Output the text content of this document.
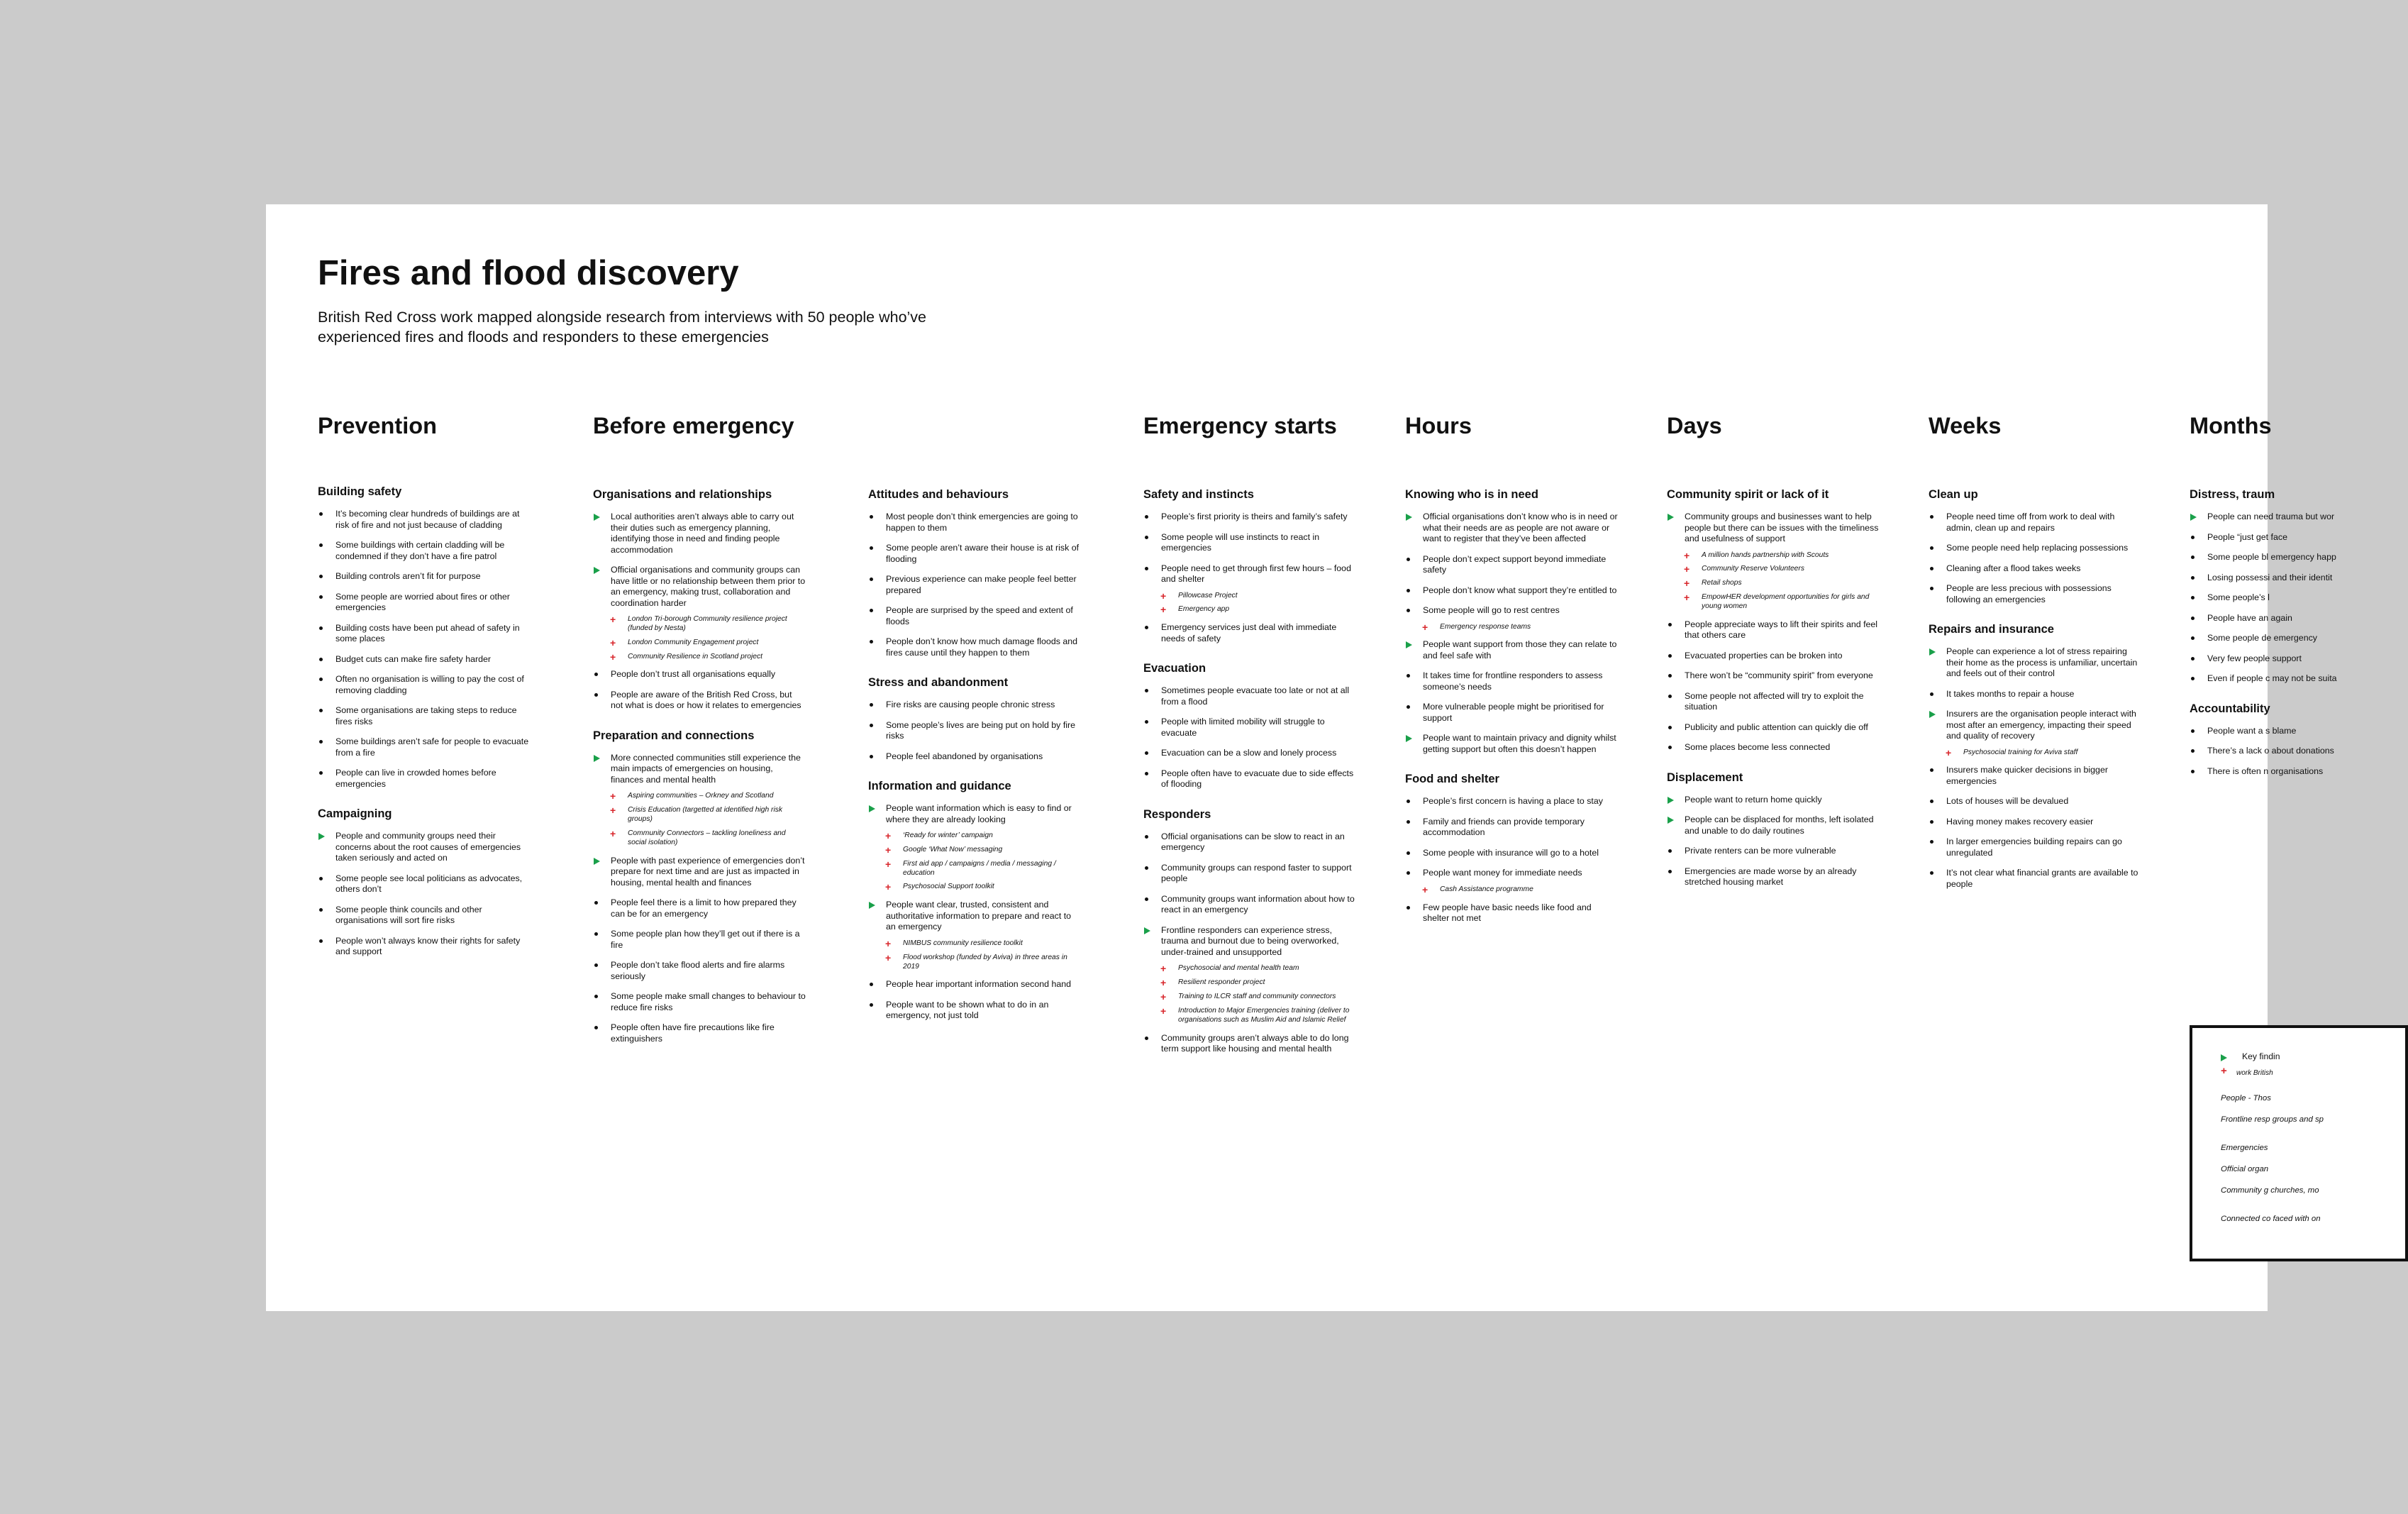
Fires and flood discovery

British Red Cross work mapped alongside research from interviews with 50 people who’ve experienced fires and floods and responders to these emergencies

Prevention	Before emergency	Emergency starts	Hours	Days	Weeks	Months
Building safety
It’s becoming clear hundreds of buildings are at risk of fire and not just because of cladding
Some buildings with certain cladding will be condemned if they don’t have a fire patrol
Building controls aren’t fit for purpose
Some people are worried about fires or other emergencies
Building costs have been put ahead of safety in some places
Budget cuts can make fire safety harder
Often no organisation is willing to pay the cost of removing cladding
Some organisations are taking steps to reduce fires risks
Some buildings aren’t safe for people to evacuate from a fire
People can live in crowded homes before emergencies
Campaigning
People and community groups need their concerns about the root causes of emergencies taken seriously and acted on
Some people see local politicians as advocates, others don’t
Some people think councils and other organisations will sort fire risks
People won’t always know their rights for safety and support
Organisations and relationships
Local authorities aren’t always able to carry out their duties such as emergency planning, identifying those in need and finding people accommodation
Official organisations and community groups can have little or no relationship between them prior to an emergency, making trust, collaboration and coordination harder
+ London Tri-borough Community resilience project (funded by Nesta)
+ London Community Engagement project
+ Community Resilience in Scotland project
People don’t trust all organisations equally
People are aware of the British Red Cross, but not what is does or how it relates to emergencies
Preparation and connections
More connected communities still experience the main impacts of emergencies on housing, finances and mental health
+ Aspiring communities – Orkney and Scotland
+ Crisis Education (targetted at identified high risk groups)
+ Community Connectors – tackling loneliness and social isolation)
People with past experience of emergencies don’t prepare for next time and are just as impacted in housing, mental health and finances
People feel there is a limit to how prepared they can be for an emergency
Some people plan how they’ll get out if there is a fire
People don’t take flood alerts and fire alarms seriously
Some people make small changes to behaviour to reduce fire risks
People often have fire precautions like fire extinguishers
Attitudes and behaviours
Most people don’t think emergencies are going to happen to them
Some people aren’t aware their house is at risk of flooding
Previous experience can make people feel better prepared
People are surprised by the speed and extent of floods
People don’t know how much damage floods and fires cause until they happen to them
Stress and abandonment
Fire risks are causing people chronic stress
Some people’s lives are being put on hold by fire risks
People feel abandoned by organisations
Information and guidance
People want information which is easy to find or where they are already looking
+ ‘Ready for winter’ campaign
+ Google ‘What Now’ messaging
+ First aid app / campaigns / media / messaging / education
+ Psychosocial Support toolkit
People want clear, trusted, consistent and authoritative information to prepare and react to an emergency
+ NIMBUS community resilience toolkit
+ Flood workshop (funded by Aviva) in three areas in 2019
People hear important information second hand
People want to be shown what to do in an emergency, not just told
Safety and instincts
People’s first priority is theirs and family’s safety
Some people will use instincts to react in emergencies
People need to get through first few hours – food and shelter
+ Pillowcase Project
+ Emergency app
Emergency services just deal with immediate needs of safety
Evacuation
Sometimes people evacuate too late or not at all from a flood
People with limited mobility will struggle to evacuate
Evacuation can be a slow and lonely process
People often have to evacuate due to side effects of flooding
Responders
Official organisations can be slow to react in an emergency
Community groups can respond faster to support people
Community groups want information about how to react in an emergency
Frontline responders can experience stress, trauma and burnout due to being overworked, under-trained and unsupported
+ Psychosocial and mental health team
+ Resilient responder project
+ Training to ILCR staff and community connectors
+ Introduction to Major Emergencies training (deliver to organisations such as Muslim Aid and Islamic Relief
Community groups aren’t always able to do long term support like housing and mental health
Knowing who is in need
Official organisations don’t know who is in need or what their needs are as people are not aware or want to register that they’ve been affected
People don’t expect support beyond immediate safety
People don’t know what support they’re entitled to
Some people will go to rest centres
+ Emergency response teams
People want support from those they can relate to and feel safe with
It takes time for frontline responders to assess someone’s needs
More vulnerable people might be prioritised for support
People want to maintain privacy and dignity whilst getting support but often this doesn’t happen
Food and shelter
People’s first concern is having a place to stay
Family and friends can provide temporary accommodation
Some people with insurance will go to a hotel
People want money for immediate needs
+ Cash Assistance programme
Few people have basic needs like food and shelter not met
Community spirit or lack of it
Community groups and businesses want to help people but there can be issues with the timeliness and usefulness of support
+ A million hands partnership with Scouts
+ Community Reserve Volunteers
+ Retail shops
+ EmpowHER development opportunities for girls and young women
People appreciate ways to lift their spirits and feel that others care
Evacuated properties can be broken into
There won’t be “community spirit” from everyone
Some people not affected will try to exploit the situation
Publicity and public attention can quickly die off
Some places become less connected
Displacement
People want to return home quickly
People can be displaced for months, left isolated and unable to do daily routines
Private renters can be more vulnerable
Emergencies are made worse by an already stretched housing market
Clean up
People need time off from work to deal with admin, clean up and repairs
Some people need help replacing possessions
Cleaning after a flood takes weeks
People are less precious with possessions following an emergencies
Repairs and insurance
People can experience a lot of stress repairing their home as the process is unfamiliar, uncertain and feels out of their control
It takes months to repair a house
Insurers are the organisation people interact with most after an emergency, impacting their speed and quality of recovery
+ Psychosocial training for Aviva staff
Insurers make quicker decisions in bigger emergencies
Lots of houses will be devalued
Having money makes recovery easier
In larger emergencies building repairs can go unregulated
It’s not clear what financial grants are available to people
Distress, traum
People can need trauma but wor
People “just get face
Some people bl emergency happ
Losing possessi and their identit
Some people’s l
People have an again
Some people de emergency
Very few people support
Even if people c may not be suita
Accountability
People want a s blame
There’s a lack o about donations
There is often n organisations
Key findin
+ work British
People - Thos
Frontline resp groups and sp
Emergencies
Official organ
Community g churches, mo
Connected co faced with on
